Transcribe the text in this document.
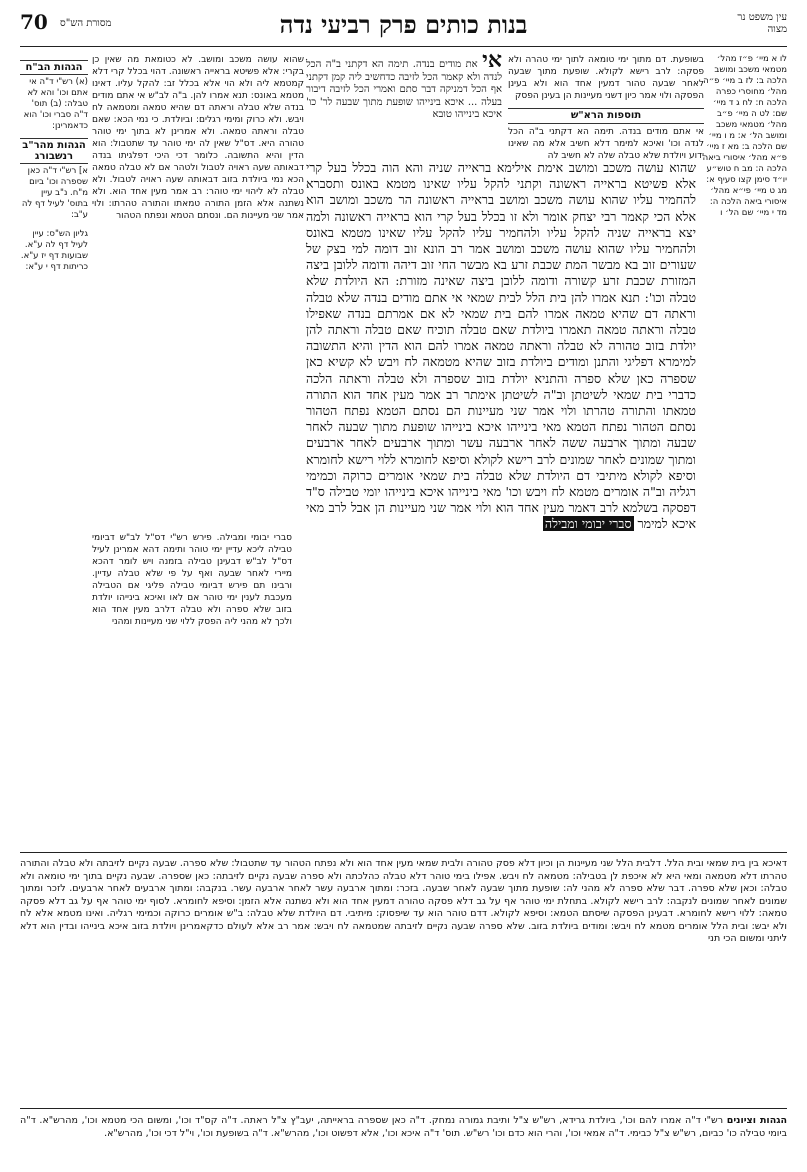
70 מסורת הש"ס	בנות כותים פרק רביעי נדה	עין משפט נר מצוה
לו א מיי׳ פ״ז מהל׳ מטמאי משכב ומושב הלכה ב: לז ב מיי׳ פ״ה מהל׳ מחוסרי כפרה הלכה ח: לח ג ד מיי׳ שם: לט ה מיי׳ פ״ב מהל׳ מטמאי משכב ומושב הל׳ א: מ ו מיי׳ שם הלכה ב: מא ז מיי׳ פ״א מהל׳ איסורי ביאה הלכה ה: מב ח טוש״ע יו״ד סימן קצו סעיף א: מג ט מיי׳ פי״א מהל׳ איסורי ביאה הלכה ה: מד י מיי׳ שם הל׳ ו
בשופעת. דם מתוך ימי טומאה לתוך ימי טהרה ולא פסקה: לרב רישא לקולא. שופעת מתוך שבעה לאחר שבעה טהור דמעין אחד הוא ולא בעינן הפסקה ולוי אמר כיון דשני מעיינות הן בעינן הפסק
תוספות הרא"ש
אי אתם מודים בנדה. תימה הא דקתני ב"ה הכל לנדה וכו' ואיכא למימר דלא חשיב אלא מה שאינו ידוע ויולדת שלא טבלה שלה לא חשיב לה
אי את מודים בנדה. תימה הא דקתני ב"ה הכל לנדה ולא קאמר הכל לזיבה כדחשיב ליה קמן דקתני אף הכל דמניקה דבר סתם ואמרי הכל לזיבה דיבור בעלה ... איכא בינייהו שופעת מתוך שבעה לר' כו' איכא בינייהו טובא
שהוא עושה משכב ומושב אימת אילימא בראייה שניה והא הוה בכלל בעל קרי אלא פשיטא בראייה ראשונה וקתני להקל עליו שאינו מטמא באונס ותסברא להחמיר עליו שהוא עושה משכב ומושב בראייה ראשונה הר משכב ומושב הוא אלא הכי קאמר רבי יצחק אומר ולא זו בכלל בעל קרי הוא בראייה ראשונה ולמה יצא בראייה שניה להקל עליו ולהחמיר עליו להקל עליו שאינו מטמא באונס ולהחמיר עליו שהוא עושה משכב ומושב אמר רב הונא זוב דומה למי בצק של שעורים זוב בא מבשר המת שכבת זרע בא מבשר החי זוב דיהה ודומה ללובן ביצה המזורת שכבת זרע קשורה ודומה ללובן ביצה שאינה מזורת: הא היולדת שלא טבלה וכו': תנא אמרו להן בית הלל לבית שמאי אי אתם מודים בנדה שלא טבלה וראתה דם שהיא טמאה אמרו להם בית שמאי לא אם אמרתם בנדה שאפילו טבלה וראתה טמאה תאמרו ביולדת שאם טבלה תוכיח שאם טבלה וראתה להן יולדת בזוב טהורה לא טבלה וראתה טמאה אמרו להם הוא הדין והיא התשובה למימרא דפליגי והתנן ומודים ביולדת בזוב שהיא מטמאה לח ויבש לא קשיא כאן שספרה כאן שלא ספרה והתניא יולדת בזוב שספרה ולא טבלה וראתה הלכה כדברי בית שמאי לשיטתן וב"ה לשיטתן אימתר רב אמר מעין אחד הוא התורה טמאתו והתורה טהרתו ולוי אמר שני מעיינות הם נסתם הטמא נפתח הטהור נסתם הטהור נפתח הטמא מאי בינייהו איכא בינייהו שופעת מתוך שבעה לאחר שבעה ומתוך ארבעה ששה לאחר ארבעה עשר ומתוך ארבעים לאחר ארבעים ומתוך שמונים לאחר שמונים לרב רישא לקולא וסיפא לחומרא ללוי רישא לחומרא וסיפא לקולא מיתיבי דם היולדת שלא טבלה בית שמאי אומרים כרוקה וכמימי רגליה וב"ה אומרים מטמא לח ויבש וכו' מאי בינייהו איכא בינייהו יומי טבילה ס"ד דפסקה בשלמא לרב דאמר מעין אחד הוא ולוי אמר שני מעיינות הן אבל לרב מאי איכא למימר סברי יבומי ומבילה
שהוא עושה משכב ומושב. לא כטומאת מה שאין כן בקרי: אלא פשיטא בראייה ראשונה. דהוי בכלל קרי דלא קמטמא ליה ולא הוי אלא בכלל זב: להקל עליו. דאינו מטמא באונס: תנא אמרו להן. ב"ה לב"ש אי אתם מודים בנדה שלא טבלה וראתה דם שהיא טמאה ומטמאה לח ויבש. ולא כרוק ומימי רגלים: וביולדת. כי נמי הכא: שאם טבלה וראתה טמאה. ולא אמרינן לא בתוך ימי טוהר טהורה היא. דס"ל שאין לה ימי טוהר עד שתטבול: הוא הדין והיא התשובה. כלומר דכי היכי דפלגיתו בנדה דבאותה שעה ראויה לטבול ולטהר אם לא טבלה טמאה הכא נמי ביולדת בזוב דבאותה שעה ראויה לטבול. ולא טבלה לא ליהוי ימי טוהר: רב אמר מעין אחד הוא. ולא נשתנה אלא הזמן התורה טמאתו והתורה טהרתו: ולוי אמר שני מעיינות הם. ונסתם הטמא ונפתח הטהור
סברי יבומי ומבילה. פירש רש"י דס"ל לב"ש דביומי טבילה ליכא עדיין ימי טוהר ותימה דהא אמרינן לעיל דס"ל לב"ש דבעינן טבילה בזמנה ויש לומר דהכא מיירי לאחר שבעה ואף על פי שלא טבלה עדיין. ורבינו תם פירש דביומי טבילה פליגי אם הטבילה מעכבת לענין ימי טוהר אם לאו ואיכא בינייהו יולדת בזוב שלא ספרה ולא טבלה דלרב מעין אחד הוא ולכך לא מהני ליה הפסק ללוי שני מעיינות ומהני
הגהות הב"ח
(א) רש"י ד"ה אי אתם וכו' והא לא טבלה: (ב) תוס' ד"ה סברי וכו' הוא כדאמרינן:
הגהות מהר"ב רנשבורג
א] רש"י ד"ה כאן שספרה וכו' ביום מ"ח. נ"ב עיין בתוס' לעיל דף לה ע"ב:
גליון הש"ס: עיין לעיל דף לה ע"א. שבועות דף יז ע"א. כריתות דף י ע"א:
דאיכא בין בית שמאי ובית הלל. דלבית הלל שני מעיינות הן וכיון דלא פסק טהורה ולבית שמאי מעין אחד הוא ולא נפתח הטהור עד שתטבול: שלא ספרה. שבעה נקיים לזיבתה ולא טבלה והתורה טהרתו דלא מטמאה ומאי היא לא איכפת לן בטבילה: מטמאה לח ויבש. אפילו בימי טוהר דלא טבלה כהלכתה ולא ספרה שבעה נקיים לזיבתה: כאן שספרה. שבעה נקיים בתוך ימי טומאה ולא טבלה: וכאן שלא ספרה. דבר שלא ספרה לא מהני לה: שופעת מתוך שבעה לאחר שבעה. בזכר: ומתוך ארבעה עשר לאחר ארבעה עשר. בנקבה: ומתוך ארבעים לאחר ארבעים. לזכר ומתוך שמונים לאחר שמונים לנקבה: לרב רישא לקולא. בתחלת ימי טוהר אף על גב דלא פסקה טהורה דמעין אחד הוא ולא נשתנה אלא הזמן: וסיפא לחומרא. לסוף ימי טוהר אף על גב דלא פסקה טמאה: ללוי רישא לחומרא. דבעינן הפסקה שיסתם הטמא: וסיפא לקולא. דדם טוהר הוא עד שיפסוק: מיתיבי. דם היולדת שלא טבלה: ב"ש אומרים כרוקה וכמימי רגליה. ואינו מטמא אלא לח ולא יבש: ובית הלל אומרים מטמא לח ויבש: ומודים ביולדת בזוב. שלא ספרה שבעה נקיים לזיבתה שמטמאה לח ויבש: אמר רב אלא לעולם כדקאמרינן ויולדת בזוב איכא בינייהו ובדין הוא דלא ליתני ומשום הכי תני
הגהות וציונים רש"י ד"ה אמרו להם וכו', ביולדת גרידא, רש"ש צ"ל ותיבת גמורה נמחק. ד"ה כאן שספרה בראייתה, יעב"ץ צ"ל ראתה. ד"ה קס"ד וכו', ומשום הכי מטמא וכו', מהרש"א. ד"ה ביומי טבילה כו' כביום, רש"ש צ"ל כבימי. ד"ה אמאי וכו', והרי הוא כדם וכו' רש"ש. תוס' ד"ה איכא וכו', אלא דפשוט וכו', מהרש"א. ד"ה בשופעת וכו', וי"ל דכי וכו', מהרש"א.
